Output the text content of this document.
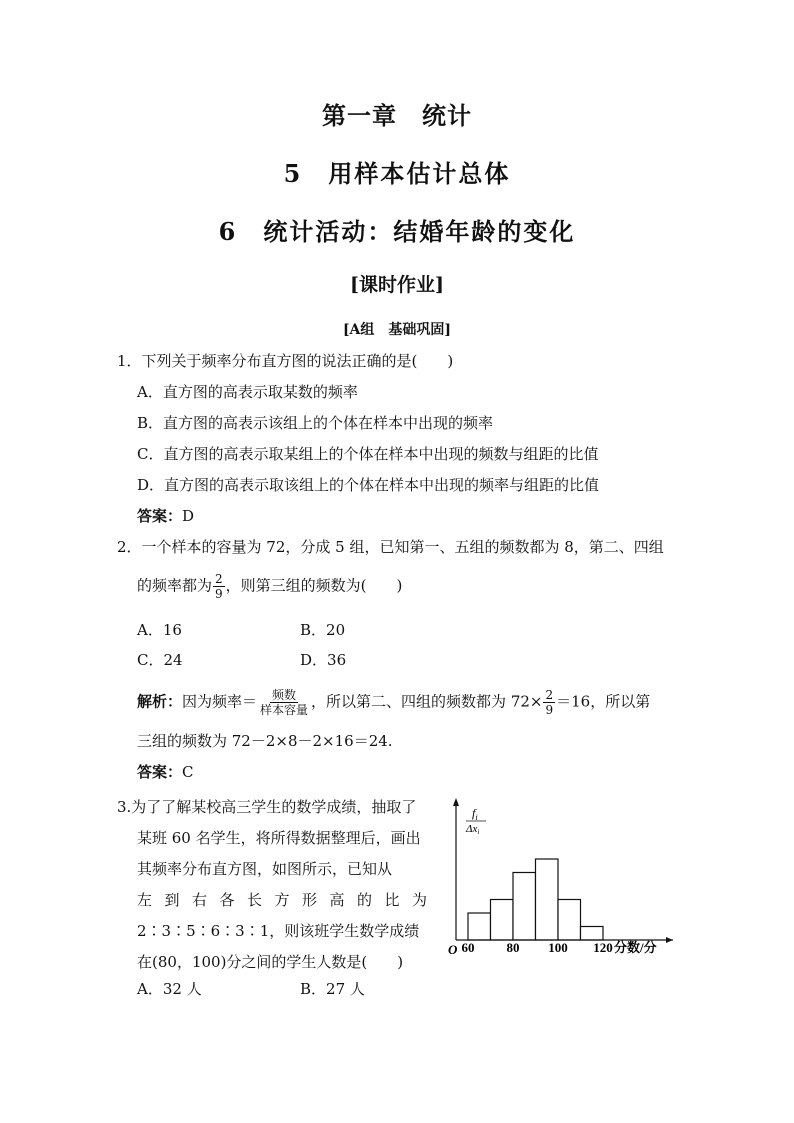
第一章　统计
5　用样本估计总体
6　统计活动：结婚年龄的变化
[课时作业]
[A组　基础巩固]
1．下列关于频率分布直方图的说法正确的是(　　)
A．直方图的高表示取某数的频率
B．直方图的高表示该组上的个体在样本中出现的频率
C．直方图的高表示取某组上的个体在样本中出现的频数与组距的比值
D．直方图的高表示取该组上的个体在样本中出现的频率与组距的比值
答案：D
2．一个样本的容量为 72，分成 5 组，已知第一、五组的频数都为 8，第二、四组
的频率都为 $\frac{2}{9}$ ，则第三组的频数为(　　)
A．16	B．20
C．24	D．36
解析：因为频率＝ $\frac{\text{频数}}{\text{样本容量}}$ ，所以第二、四组的频数都为 $72\times \frac{2}{9} =16$，所以第
三组的频数为 72－2×8－2×16＝24.
答案：C
3.为了了解某校高三学生的数学成绩，抽取了
某班 60 名学生，将所得数据整理后，画出
其频率分布直方图，如图所示，已知从
左到右各长方形高的比为
2∶3∶5∶6∶3∶1，则该班学生数学成绩
在(80，100)分之间的学生人数是(　　)
A．32 人	B．27 人
O 60 80 100 120 分数/分
$f_i$
Δxi
